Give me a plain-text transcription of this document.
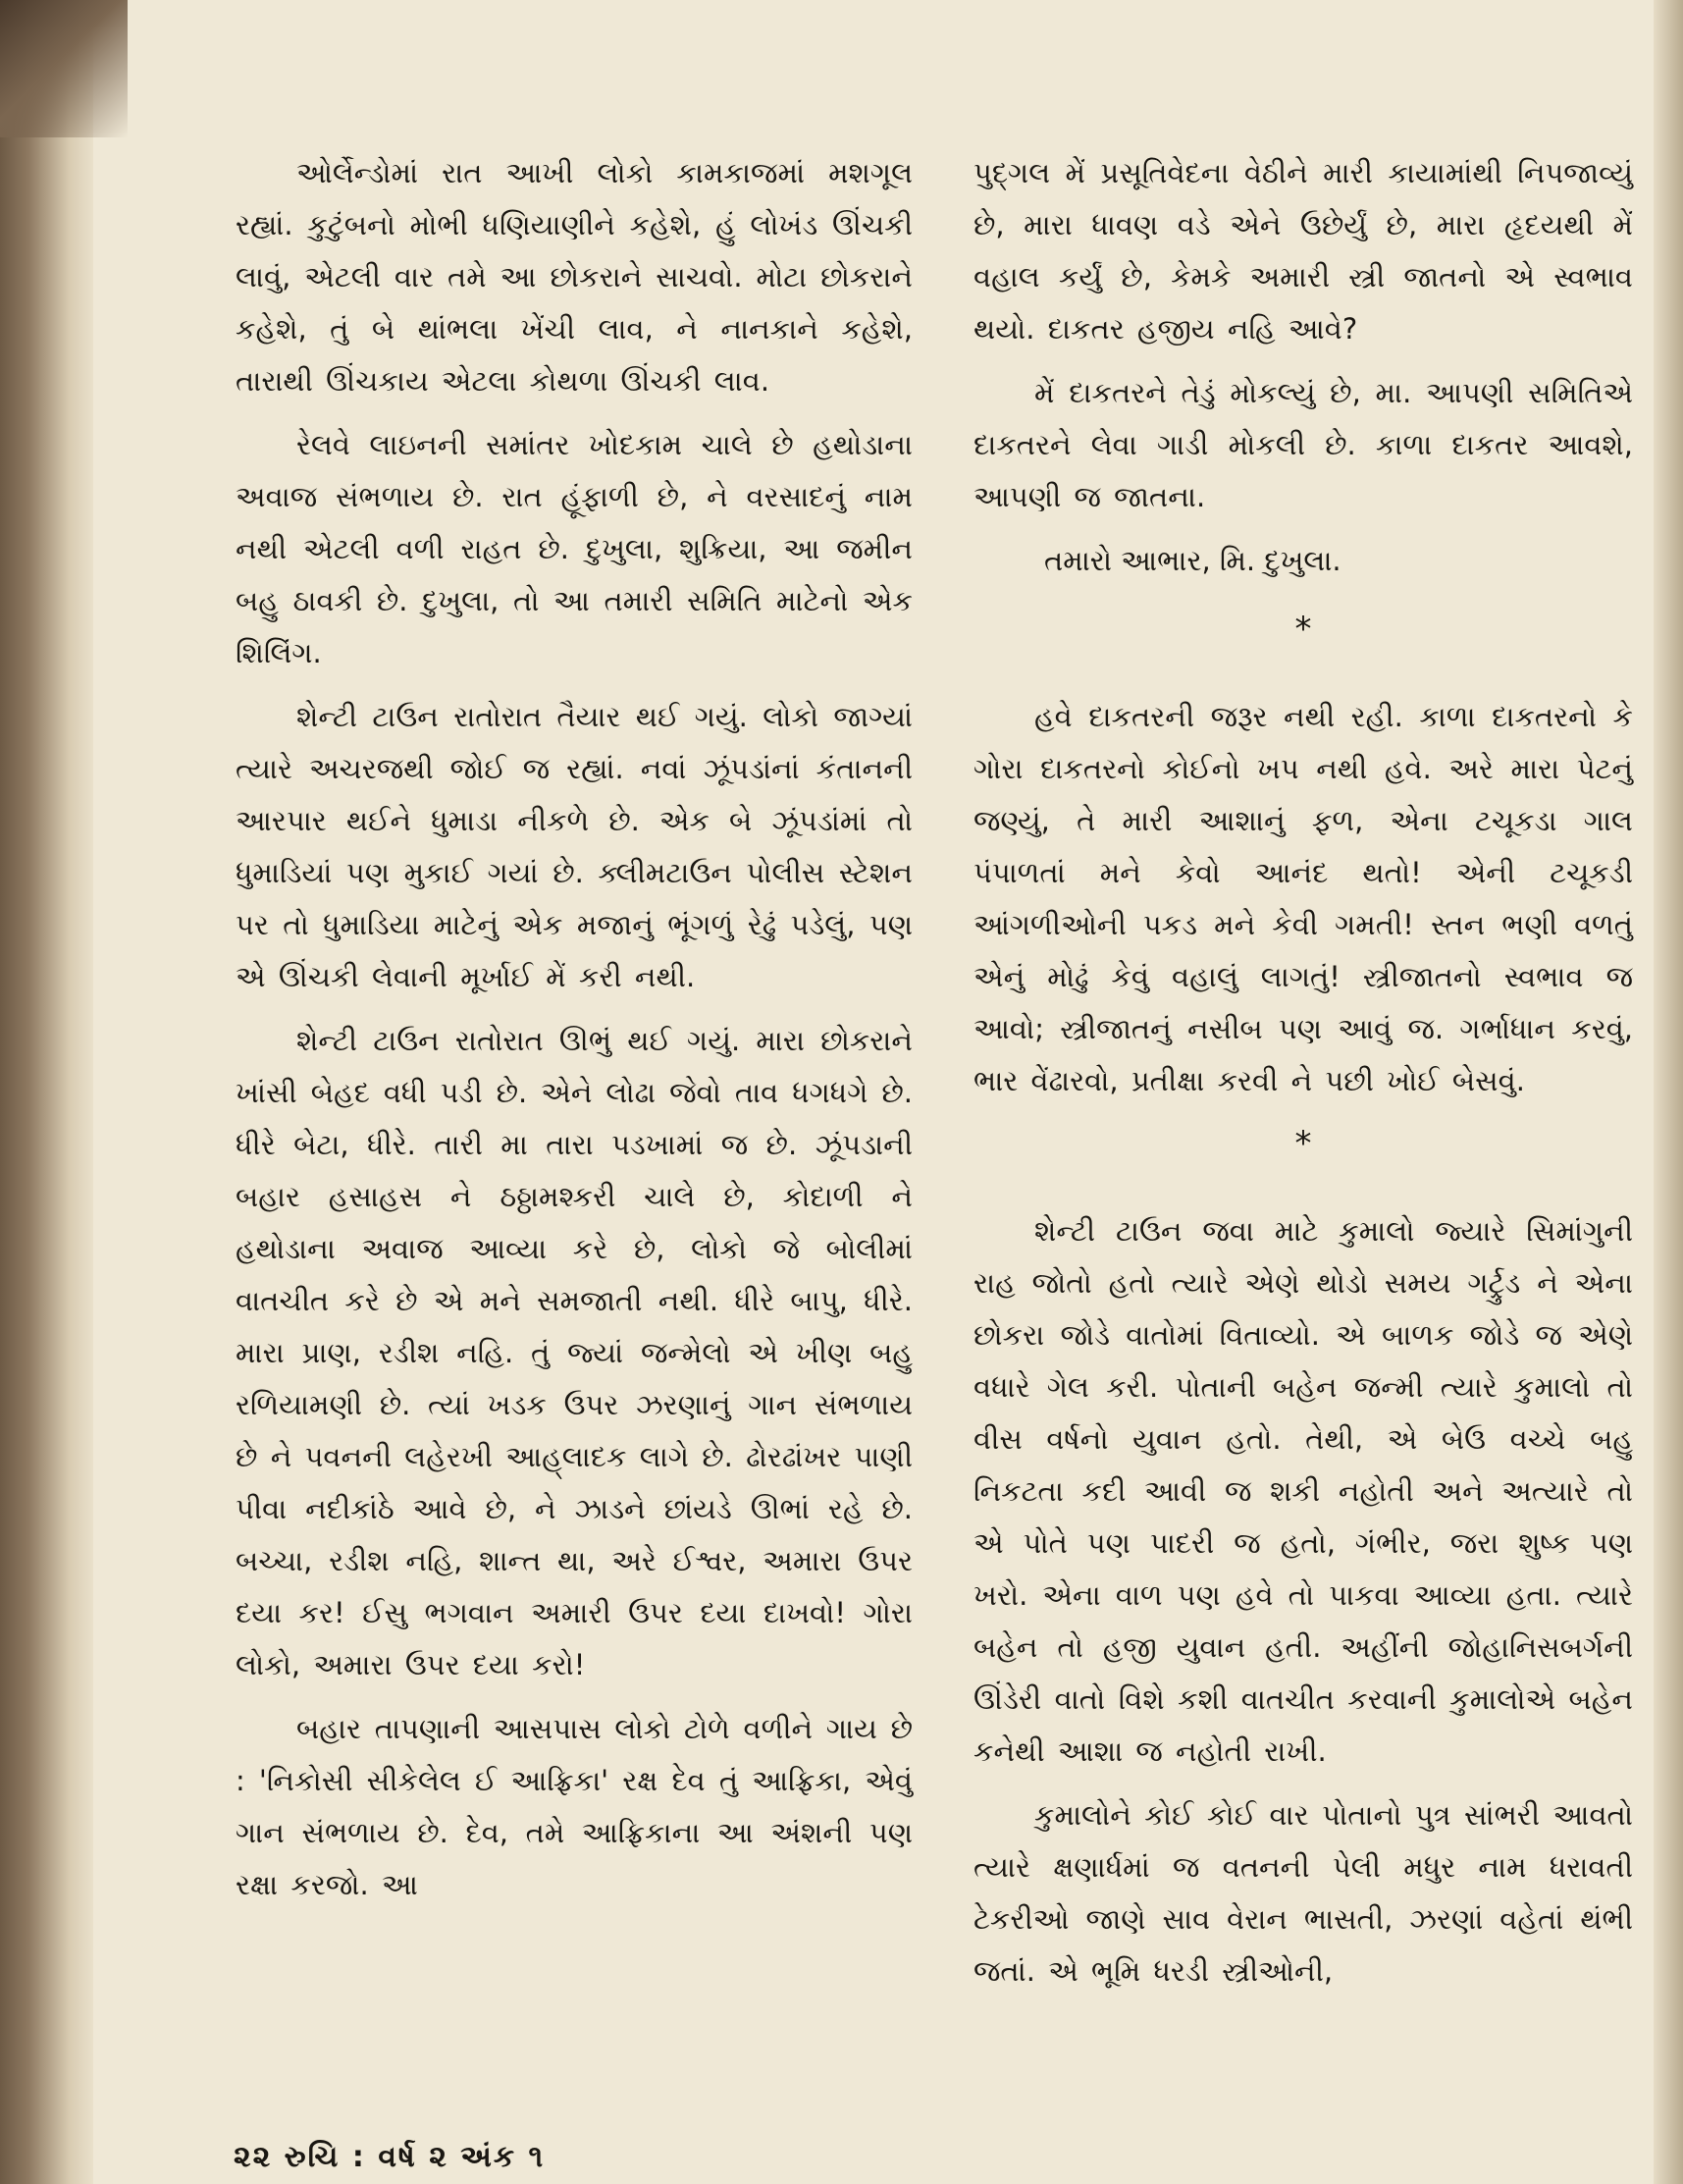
ઓર્લેન્ડોમાં રાત આખી લોકો કામકાજમાં મશગૂલ રહ્યાં. કુટુંબનો મોભી ધણિયાણીને કહેશે, હું લોખંડ ઊંચકી લાવું, એટલી વાર તમે આ છોકરાને સાચવો. મોટા છોકરાને કહેશે, તું બે થાંભલા ખેંચી લાવ, ને નાનકાને કહેશે, તારાથી ઊંચકાય એટલા કોથળા ઊંચકી લાવ.

રેલવે લાઇનની સમાંતર ખોદકામ ચાલે છે હથોડાના અવાજ સંભળાય છે. રાત હૂંફાળી છે, ને વરસાદનું નામ નથી એટલી વળી રાહત છે. દુખુલા, શુક્રિયા, આ જમીન બહુ ઠાવકી છે. દુખુલા, તો આ તમારી સમિતિ માટેનો એક શિલિંગ.

શેન્ટી ટાઉન રાતોરાત તૈયાર થઈ ગયું. લોકો જાગ્યાં ત્યારે અચરજથી જોઈ જ રહ્યાં. નવાં ઝૂંપડાંનાં કંતાનની આરપાર થઈને ધુમાડા નીકળે છે. એક બે ઝૂંપડાંમાં તો ધુમાડિયાં પણ મુકાઈ ગયાં છે. ક્લીમટાઉન પોલીસ સ્ટેશન પર તો ધુમાડિયા માટેનું એક મજાનું ભૂંગળું રેઢું પડેલું, પણ એ ઊંચકી લેવાની મૂર્ખાઈ મેં કરી નથી.

શેન્ટી ટાઉન રાતોરાત ઊભું થઈ ગયું. મારા છોકરાને ખાંસી બેહદ વધી પડી છે. એને લોઢા જેવો તાવ ધગધગે છે. ધીરે બેટા, ધીરે. તારી મા તારા પડખામાં જ છે. ઝૂંપડાની બહાર હસાહસ ને ઠઠ્ઠામશ્કરી ચાલે છે, કોદાળી ને હથોડાના અવાજ આવ્યા કરે છે, લોકો જે બોલીમાં વાતચીત કરે છે એ મને સમજાતી નથી. ધીરે બાપુ, ધીરે. મારા પ્રાણ, રડીશ નહિ. તું જ્યાં જન્મેલો એ ખીણ બહુ રળિયામણી છે. ત્યાં ખડક ઉપર ઝરણાનું ગાન સંભળાય છે ને પવનની લહેરખી આહ્‌લાદક લાગે છે. ઢોરઢાંખર પાણી પીવા નદીકાંઠે આવે છે, ને ઝાડને છાંયડે ઊભાં રહે છે. બચ્ચા, રડીશ નહિ, શાન્ત થા, અરે ઈશ્વર, અમારા ઉપર દયા કર! ઈસુ ભગવાન અમારી ઉપર દયા દાખવો! ગોરા લોકો, અમારા ઉપર દયા કરો!

બહાર તાપણાની આસપાસ લોકો ટોળે વળીને ગાય છે : 'નિકોસી સીકેલેલ ઈ આફ્રિકા' રક્ષ દેવ તું આફ્રિકા, એવું ગાન સંભળાય છે. દેવ, તમે આફ્રિકાના આ અંશની પણ રક્ષા કરજો. આ

પુદ્‌ગલ મેં પ્રસૂતિવેદના વેઠીને મારી કાયામાંથી નિપજાવ્યું છે, મારા ધાવણ વડે એને ઉછેર્યું છે, મારા હૃદયથી મેં વહાલ કર્યું છે, કેમકે અમારી સ્ત્રી જાતનો એ સ્વભાવ થયો. દાકતર હજીય નહિ આવે?

મેં દાકતરને તેડું મોકલ્યું છે, મા. આપણી સમિતિએ દાકતરને લેવા ગાડી મોકલી છે. કાળા દાકતર આવશે, આપણી જ જાતના.

તમારો આભાર, મિ. દુખુલા.

*

હવે દાકતરની જરૂર નથી રહી. કાળા દાકતરનો કે ગોરા દાકતરનો કોઈનો ખપ નથી હવે. અરે મારા પેટનું જણ્યું, તે મારી આશાનું ફળ, એના ટચૂકડા ગાલ પંપાળતાં મને કેવો આનંદ થતો! એની ટચૂકડી આંગળીઓની પકડ મને કેવી ગમતી! સ્તન ભણી વળતું એનું મોઢું કેવું વહાલું લાગતું! સ્ત્રીજાતનો સ્વભાવ જ આવો; સ્ત્રીજાતનું નસીબ પણ આવું જ. ગર્ભાધાન કરવું, ભાર વેંઢારવો, પ્રતીક્ષા કરવી ને પછી ખોઈ બેસવું.

*

શેન્ટી ટાઉન જવા માટે કુમાલો જ્યારે સિમાંગુની રાહ જોતો હતો ત્યારે એણે થોડો સમય ગર્ટ્રુડ ને એના છોકરા જોડે વાતોમાં વિતાવ્યો. એ બાળક જોડે જ એણે વધારે ગેલ કરી. પોતાની બહેન જન્મી ત્યારે કુમાલો તો વીસ વર્ષનો યુવાન હતો. તેથી, એ બેઉ વચ્ચે બહુ નિકટતા કદી આવી જ શકી નહોતી અને અત્યારે તો એ પોતે પણ પાદરી જ હતો, ગંભીર, જરા શુષ્ક પણ ખરો. એના વાળ પણ હવે તો પાકવા આવ્યા હતા. ત્યારે બહેન તો હજી યુવાન હતી. અહીંની જોહાનિસબર્ગની ઊંડેરી વાતો વિશે કશી વાતચીત કરવાની કુમાલોએ બહેન કનેથી આશા જ નહોતી રાખી.

કુમાલોને કોઈ કોઈ વાર પોતાનો પુત્ર સાંભરી આવતો ત્યારે ક્ષણાર્ધમાં જ વતનની પેલી મધુર નામ ધરાવતી ટેકરીઓ જાણે સાવ વેરાન ભાસતી, ઝરણાં વહેતાં થંભી જતાં. એ ભૂમિ ધરડી સ્ત્રીઓની,

૨૨ રુચિ : વર્ષ ૨ અંક ૧
